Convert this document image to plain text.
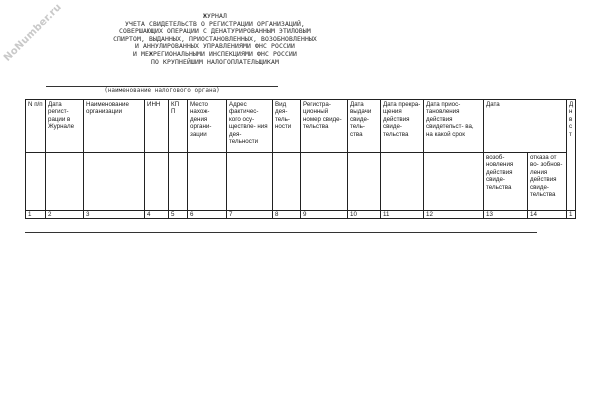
NoNumber.ru	ЖУРНАЛ
УЧЕТА СВИДЕТЕЛЬСТВ О РЕГИСТРАЦИИ ОРГАНИЗАЦИЙ,
СОВЕРШАЮЩИХ ОПЕРАЦИИ С ДЕНАТУРИРОВАННЫМ ЭТИЛОВЫМ
СПИРТОМ, ВЫДАННЫХ, ПРИОСТАНОВЛЕННЫХ, ВОЗОБНОВЛЕННЫХ
И АННУЛИРОВАННЫХ УПРАВЛЕНИЯМИ ФНС РОССИИ
И МЕЖРЕГИОНАЛЬНЫМИ ИНСПЕКЦИЯМИ ФНС РОССИИ
ПО КРУПНЕЙШИМ НАЛОГОПЛАТЕЛЬЩИКАМ
(наименование налогового органа)
N п/п	Дата регист- рации в Журнале	Наименование организации	ИНН	КП П	Место нахож- дения органи- зации	Адрес фактичес- кого осу- ществле- ния дея- тельности	Вид дея- тель- ности	Регистра- ционный номер свиде- тельства	Дата выдачи свиде- тель- ства	Дата прекра- щения действия свиде- тельства	Дата приос- тановления действия свидетельст- ва, на какой срок	Дата		Д н в с т
												возоб- новления действия свиде- тельства	отказа от во- зобнов- ления действия свиде- тельства	
1	2	3	4	5	6	7	8	9	10	11	12	13	14	1
